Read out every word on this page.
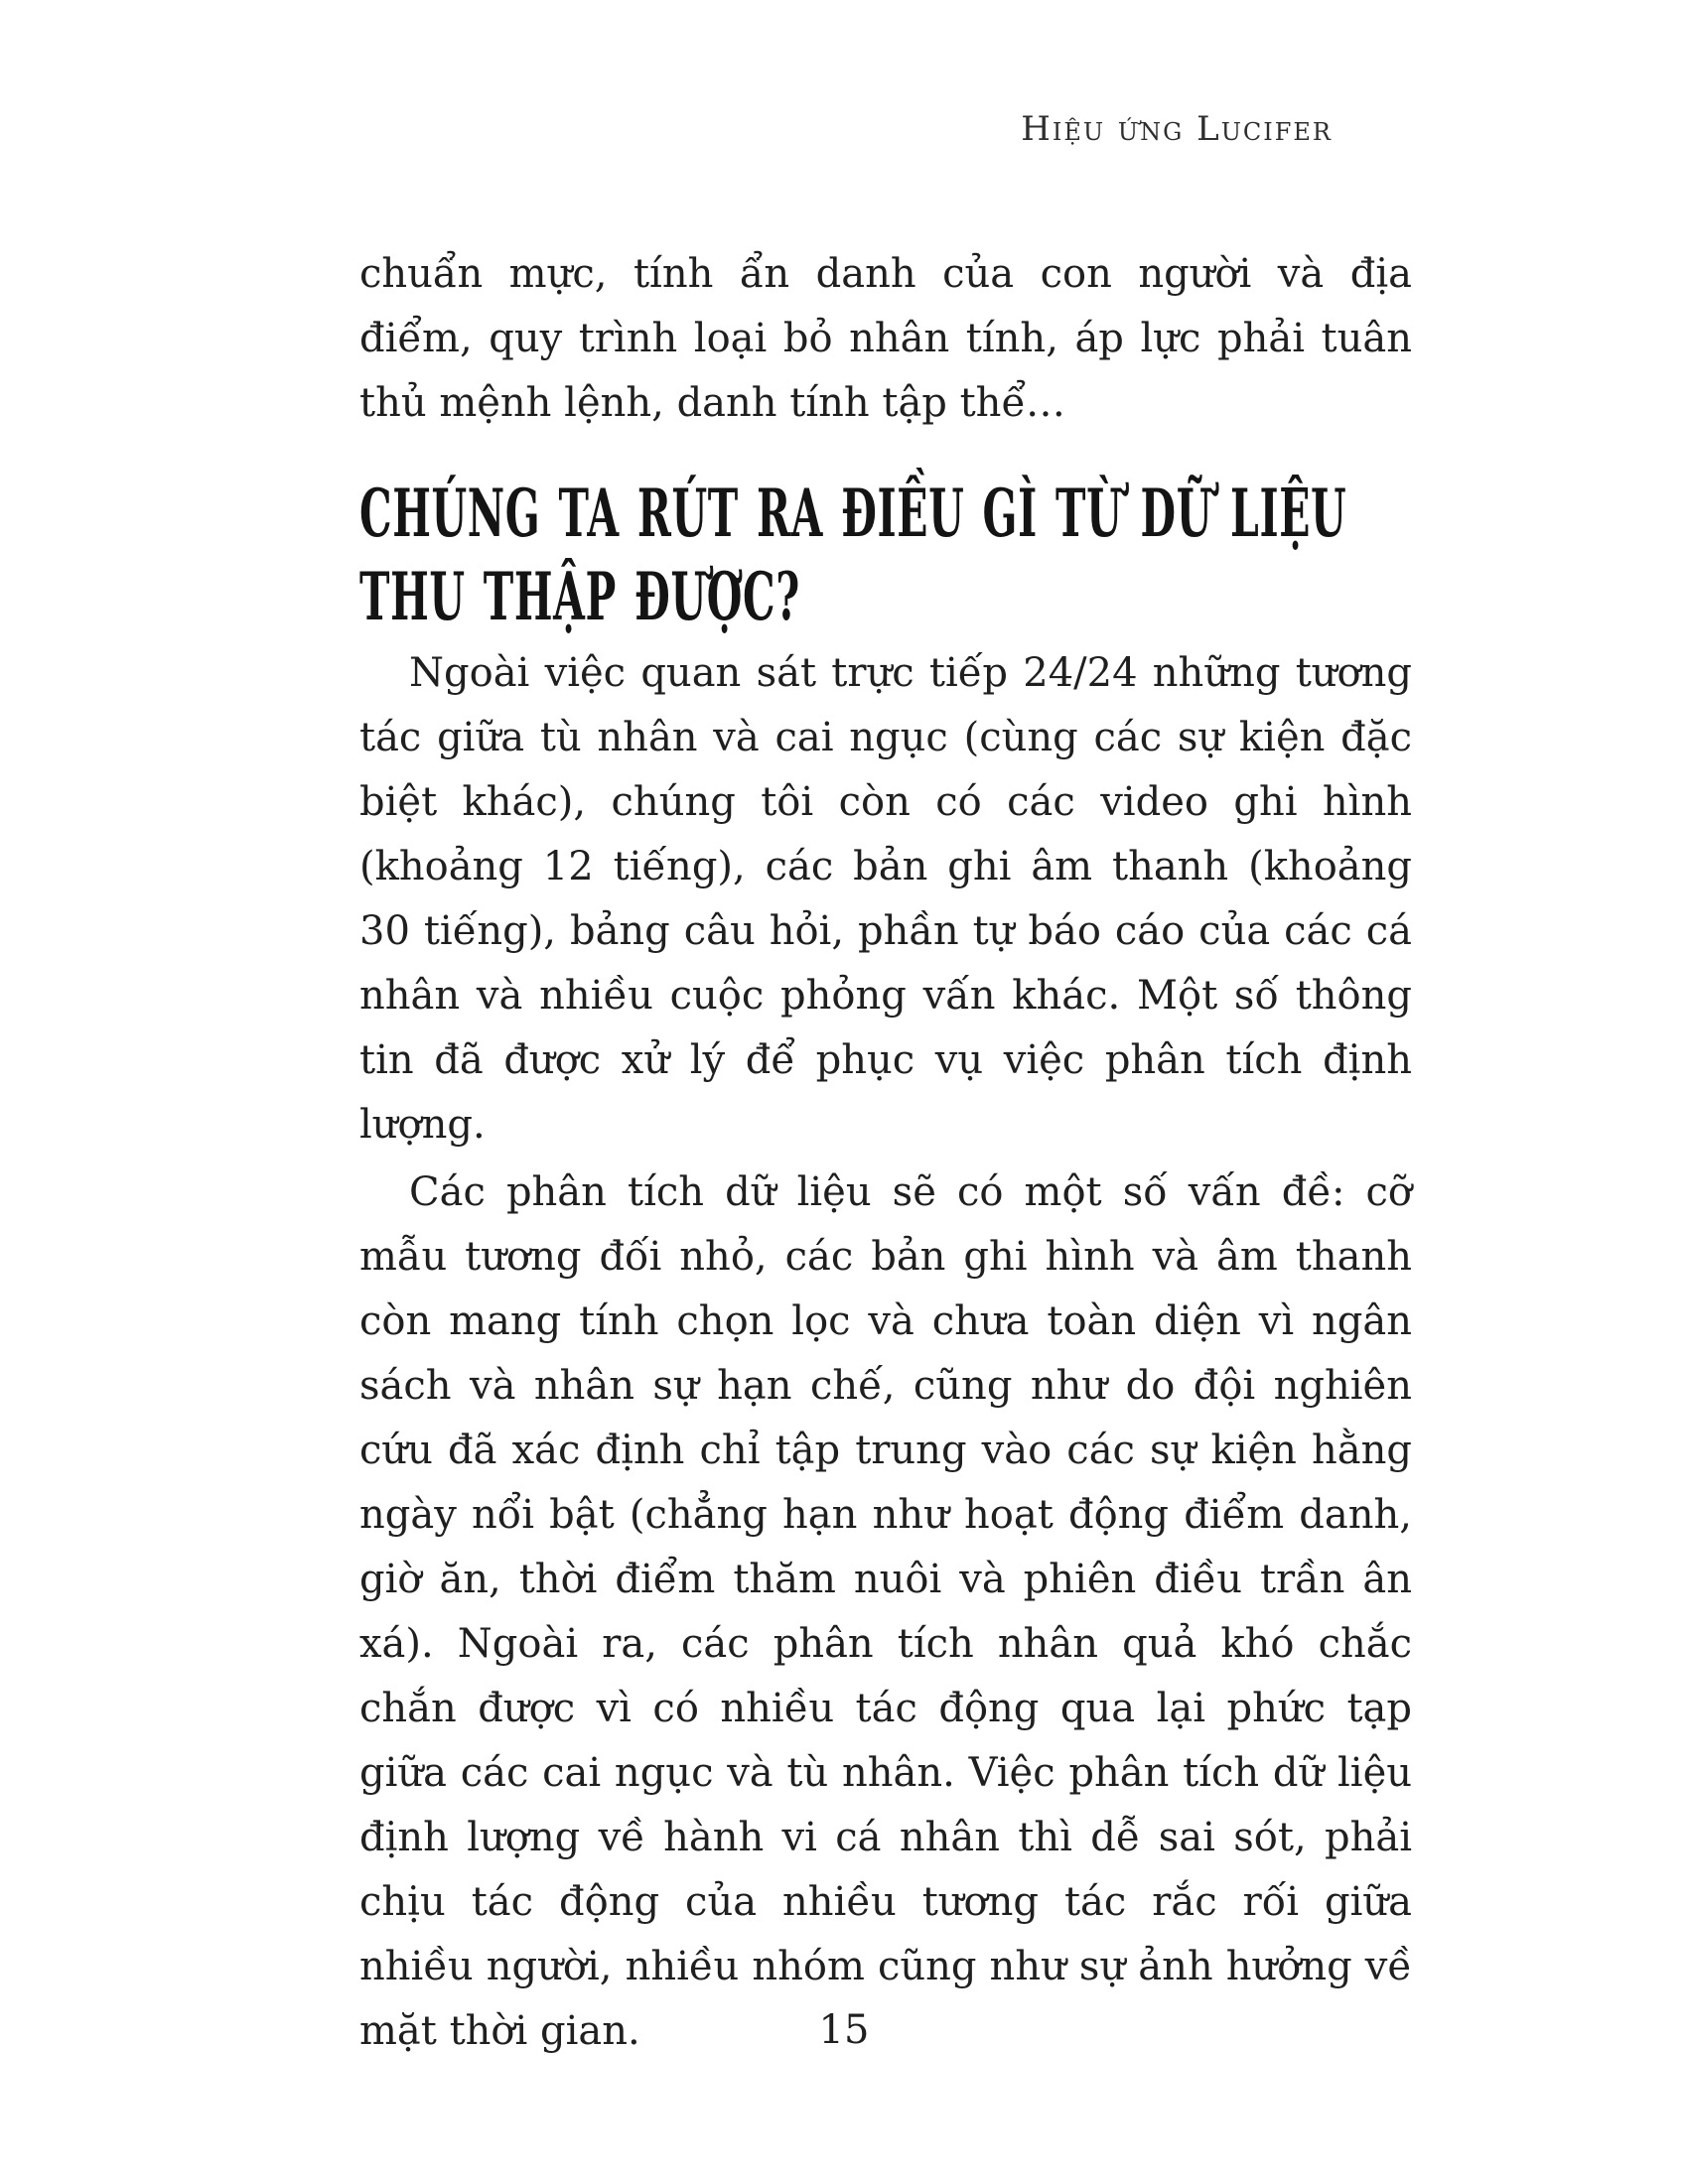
Hiệu ứng Lucifer

chuẩn mực, tính ẩn danh của con người và địa điểm, quy trình loại bỏ nhân tính, áp lực phải tuân thủ mệnh lệnh, danh tính tập thể…

CHÚNG TA RÚT RA ĐIỀU GÌ TỪ DỮ LIỆU THU THẬP ĐƯỢC?

Ngoài việc quan sát trực tiếp 24/24 những tương tác giữa tù nhân và cai ngục (cùng các sự kiện đặc biệt khác), chúng tôi còn có các video ghi hình (khoảng 12 tiếng), các bản ghi âm thanh (khoảng 30 tiếng), bảng câu hỏi, phần tự báo cáo của các cá nhân và nhiều cuộc phỏng vấn khác. Một số thông tin đã được xử lý để phục vụ việc phân tích định lượng.

Các phân tích dữ liệu sẽ có một số vấn đề: cỡ mẫu tương đối nhỏ, các bản ghi hình và âm thanh còn mang tính chọn lọc và chưa toàn diện vì ngân sách và nhân sự hạn chế, cũng như do đội nghiên cứu đã xác định chỉ tập trung vào các sự kiện hằng ngày nổi bật (chẳng hạn như hoạt động điểm danh, giờ ăn, thời điểm thăm nuôi và phiên điều trần ân xá). Ngoài ra, các phân tích nhân quả khó chắc chắn được vì có nhiều tác động qua lại phức tạp giữa các cai ngục và tù nhân. Việc phân tích dữ liệu định lượng về hành vi cá nhân thì dễ sai sót, phải chịu tác động của nhiều tương tác rắc rối giữa nhiều người, nhiều nhóm cũng như sự ảnh hưởng về mặt thời gian.	15
